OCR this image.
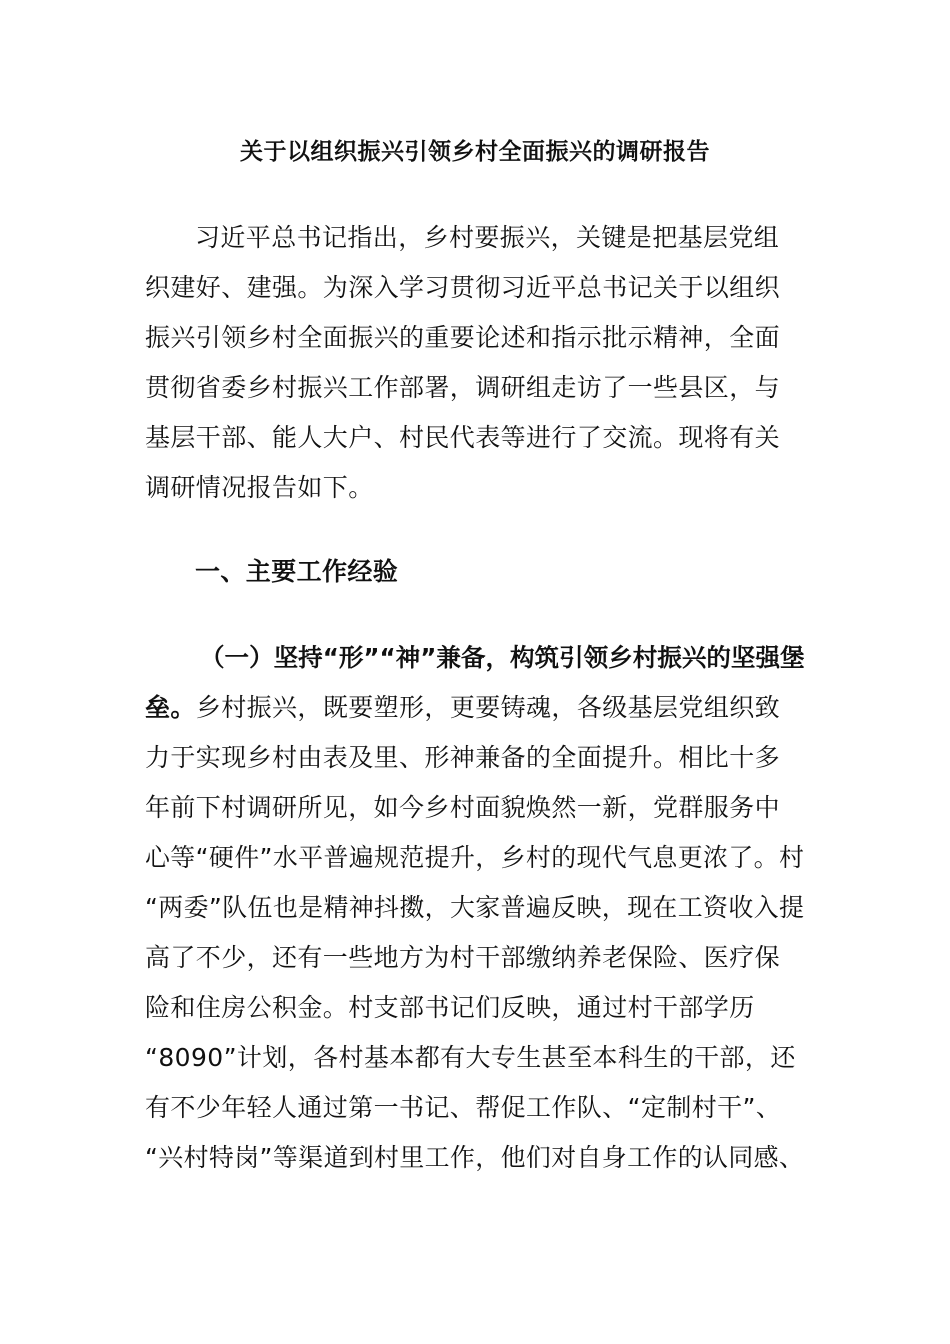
关于以组织振兴引领乡村全面振兴的调研报告
习近平总书记指出，乡村要振兴，关键是把基层党组
织建好、建强。为深入学习贯彻习近平总书记关于以组织
振兴引领乡村全面振兴的重要论述和指示批示精神，全面
贯彻省委乡村振兴工作部署，调研组走访了一些县区，与
基层干部、能人大户、村民代表等进行了交流。现将有关
调研情况报告如下。
一、主要工作经验
（一）坚持“形”“神”兼备，构筑引领乡村振兴的坚强堡
垒。乡村振兴，既要塑形，更要铸魂，各级基层党组织致
力于实现乡村由表及里、形神兼备的全面提升。相比十多
年前下村调研所见，如今乡村面貌焕然一新，党群服务中
心等“硬件”水平普遍规范提升，乡村的现代气息更浓了。村
“两委”队伍也是精神抖擞，大家普遍反映，现在工资收入提
高了不少，还有一些地方为村干部缴纳养老保险、医疗保
险和住房公积金。村支部书记们反映，通过村干部学历
“8090”计划，各村基本都有大专生甚至本科生的干部，还
有不少年轻人通过第一书记、帮促工作队、“定制村干”、
“兴村特岗”等渠道到村里工作，他们对自身工作的认同感、
